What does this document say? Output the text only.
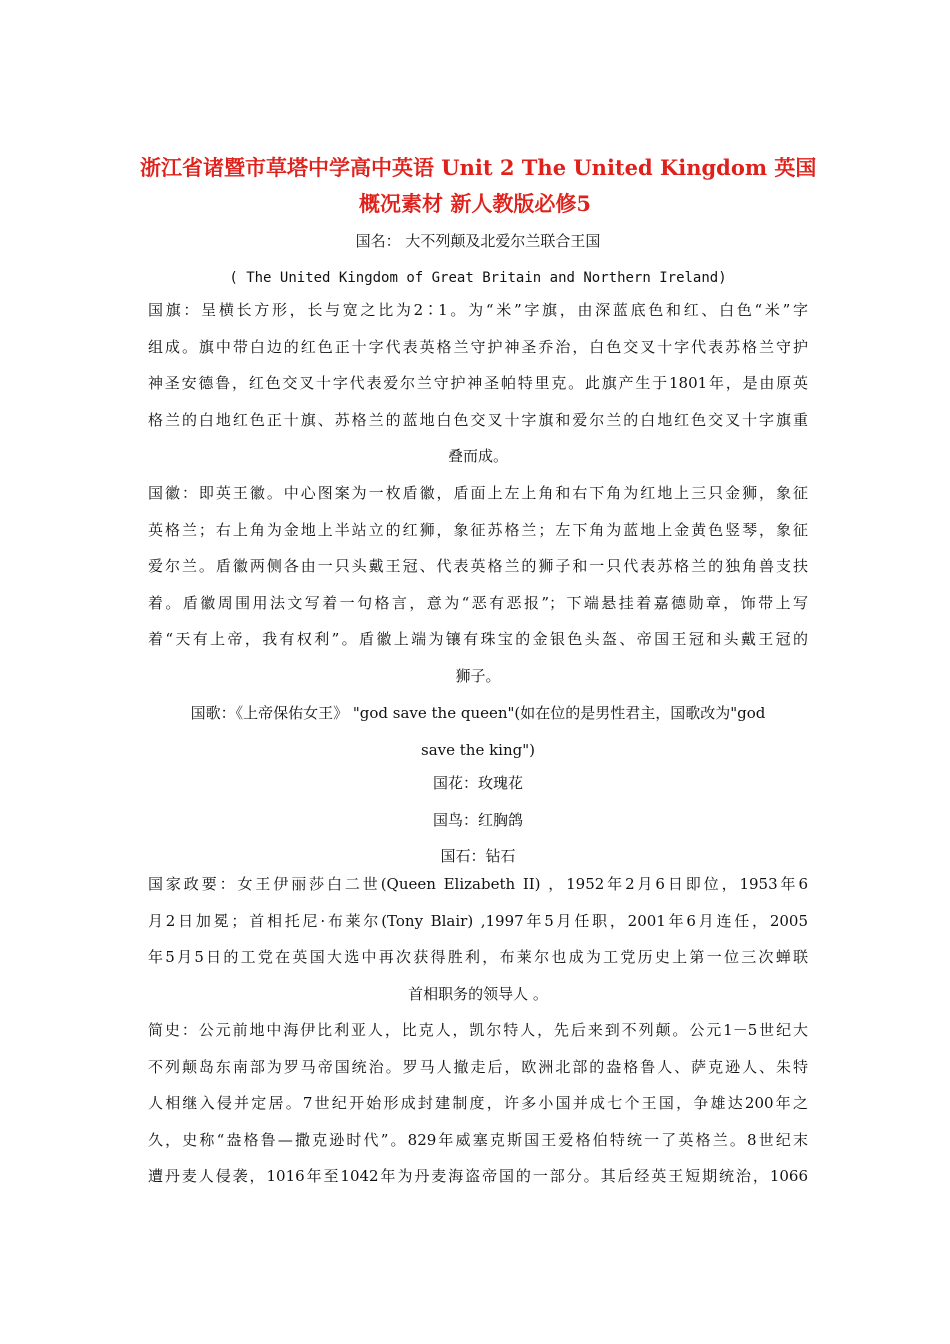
浙江省诸暨市草塔中学高中英语 Unit 2 The United Kingdom 英国
概况素材 新人教版必修5
国名： 大不列颠及北爱尔兰联合王国
( The United Kingdom of Great Britain and Northern Ireland)
国旗：呈横长方形，长与宽之比为2∶1。为“米”字旗，由深蓝底色和红、白色“米”字
组成。旗中带白边的红色正十字代表英格兰守护神圣乔治，白色交叉十字代表苏格兰守护
神圣安德鲁，红色交叉十字代表爱尔兰守护神圣帕特里克。此旗产生于1801年，是由原英
格兰的白地红色正十旗、苏格兰的蓝地白色交叉十字旗和爱尔兰的白地红色交叉十字旗重
叠而成。
国徽：即英王徽。中心图案为一枚盾徽，盾面上左上角和右下角为红地上三只金狮，象征
英格兰；右上角为金地上半站立的红狮，象征苏格兰；左下角为蓝地上金黄色竖琴，象征
爱尔兰。盾徽两侧各由一只头戴王冠、代表英格兰的狮子和一只代表苏格兰的独角兽支扶
着。盾徽周围用法文写着一句格言，意为“恶有恶报”；下端悬挂着嘉德勋章，饰带上写
着“天有上帝，我有权利”。盾徽上端为镶有珠宝的金银色头盔、帝国王冠和头戴王冠的
狮子。
国歌：《上帝保佑女王》 "god save the queen"(如在位的是男性君主，国歌改为"god
save the king")
国花：玫瑰花
国鸟：红胸鸽
国石：钻石
国家政要：女王伊丽莎白二世(Queen Elizabeth II) ，1952年2月6日即位，1953年6
月2日加冕；首相托尼·布莱尔(Tony Blair) ,1997年5月任职，2001年6月连任，2005
年5月5日的工党在英国大选中再次获得胜利，布莱尔也成为工党历史上第一位三次蝉联
首相职务的领导人 。
简史：公元前地中海伊比利亚人，比克人，凯尔特人，先后来到不列颠。公元1－5世纪大
不列颠岛东南部为罗马帝国统治。罗马人撤走后，欧洲北部的盎格鲁人、萨克逊人、朱特
人相继入侵并定居。7世纪开始形成封建制度，许多小国并成七个王国，争雄达200年之
久，史称“盎格鲁—撒克逊时代”。829年威塞克斯国王爱格伯特统一了英格兰。8世纪末
遭丹麦人侵袭，1016年至1042年为丹麦海盗帝国的一部分。其后经英王短期统治，1066
